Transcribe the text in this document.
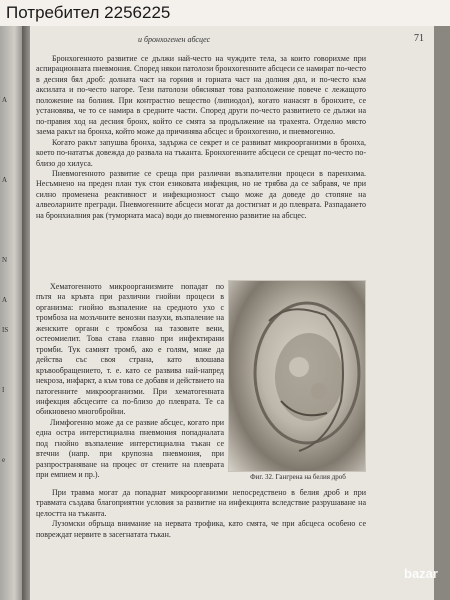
Потребител 2256225
A
A
N
A
IS
I
e
и бронхогенен абсцес	71

Бронхогенното развитие се дължи най-често на чуждите тела, за които говорихме при аспирационната пневмония. Според някои патолози бронхогенните абсцеси се намират по-често в десния бял дроб: долната част на горния и горната част на долния дял, и по-често към аксилата и по-често нагоре. Тези патолози обясняват това разположение повече с лежащото положение на болния. При контрастно вещество (липиодол), когато нанасят в бронхите, се установява, че то се намира в средните части. Според други по-често развитието се дължи на по-правия ход на десния бронх, който се смята за продължение на трахеята. Отделно място заема ракът на бронха, който може да причинява абсцес и бронхогенно, и пневмогенно.

Когато ракът запушва бронха, задържа се секрет и се развиват микроорганизми в бронха, което по-нататък довежда до развала на тъканта. Бронхогенните абсцеси се срещат по-често по-близо до хилуса.

Пневмогенното развитие се среща при различни възпалителни процеси в паренхима. Несъмнено на преден план тук стои езиковата инфекция, но не трябва да се забравя, че при силно променена реактивност и инфекциозност също може да доведе до стопяне на алвеоларните прегради. Пневмогенните абсцеси могат да достигнат и до плеврата. Разпадането на бронхиалния рак (туморната маса) води до пневмогенно развитие на абсцес.

Хематогенното микроорганизмите попадат по пътя на кръвта при различни гнойни процеси в организма: гнойно възпаление на средното ухо с тромбоза на мозъчните венозни пазухи, възпаление на женските органи с тромбоза на тазовите вени, остеомиелит. Това става главно при инфектирани тромби. Тук самият тромб, ако е голям, може да действа със своя страна, като влошава кръвообращението, т. е. като се развива най-напред некроза, инфаркт, а към това се добавя и действието на патогенните микроорганизми. При хематогенната инфекция абсцесите са по-близо до плеврата. Те са обикновено многобройни.

Лимфогенно може да се развие абсцес, когато при една остра интерстициална пневмония попадналата под гнойно възпаление интерстициална тъкан се втечни (напр. при крупозна пневмония, при разпространяване на процес от стените на плеврата при емпием и пр.).	Фиг. 32. Гангрена на белия дроб

При травма могат да попаднат микроорганизми непосредствено в белия дроб и при травмата създава благоприятни условия за развитие на инфекцията вследствие разрушаване на целостта на тъканта.

Лузомски обръща внимание на нервата трофика, като смята, че при абсцеса особено се повреждат нервите в засегнатата тъкан.

bazar
